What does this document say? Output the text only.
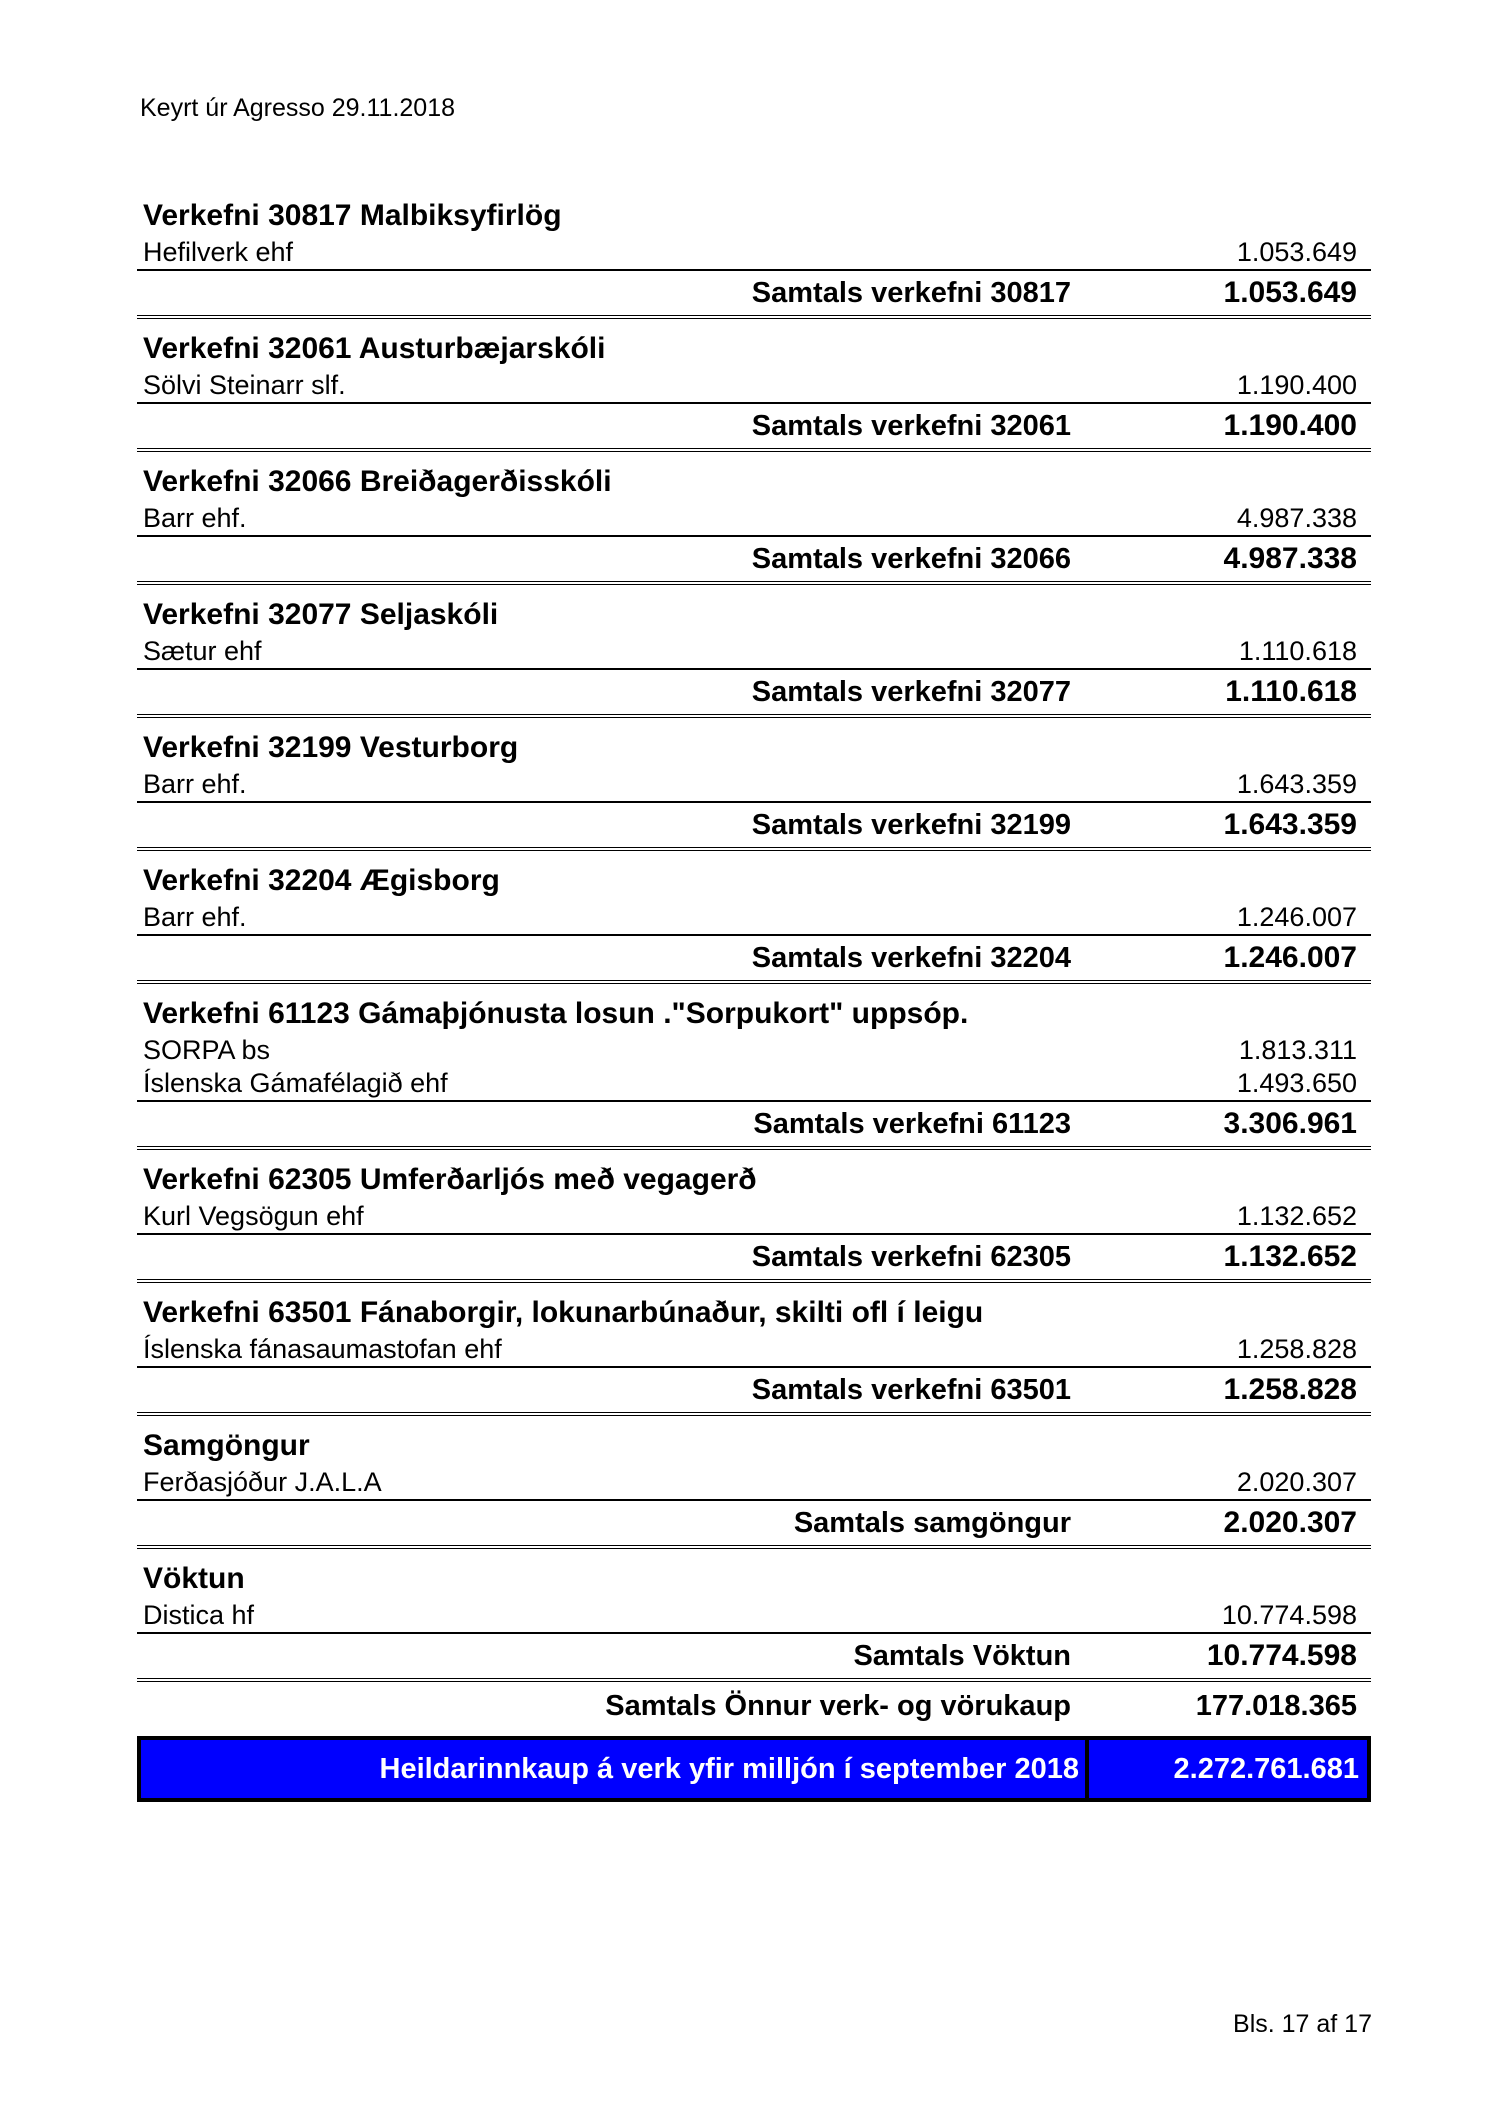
Keyrt úr Agresso 29.11.2018
Verkefni 30817 Malbiksyfirlög
Hefilverk ehf	1.053.649
Samtals verkefni 30817	1.053.649
Verkefni 32061 Austurbæjarskóli
Sölvi Steinarr slf.	1.190.400
Samtals verkefni 32061	1.190.400
Verkefni 32066 Breiðagerðisskóli
Barr ehf.	4.987.338
Samtals verkefni 32066	4.987.338
Verkefni 32077 Seljaskóli
Sætur ehf	1.110.618
Samtals verkefni 32077	1.110.618
Verkefni 32199 Vesturborg
Barr ehf.	1.643.359
Samtals verkefni 32199	1.643.359
Verkefni 32204 Ægisborg
Barr ehf.	1.246.007
Samtals verkefni 32204	1.246.007
Verkefni 61123 Gámaþjónusta losun ."Sorpukort" uppsóp.
SORPA bs	1.813.311
Íslenska Gámafélagið ehf	1.493.650
Samtals verkefni 61123	3.306.961
Verkefni 62305 Umferðarljós með vegagerð
Kurl Vegsögun ehf	1.132.652
Samtals verkefni 62305	1.132.652
Verkefni 63501 Fánaborgir, lokunarbúnaður, skilti ofl í leigu
Íslenska fánasaumastofan ehf	1.258.828
Samtals verkefni 63501	1.258.828
Samgöngur
Ferðasjóður J.A.L.A	2.020.307
Samtals samgöngur	2.020.307
Vöktun
Distica hf	10.774.598
Samtals Vöktun	10.774.598
Samtals Önnur verk- og vörukaup	177.018.365
Heildarinnkaup á verk yfir milljón í september 2018	2.272.761.681
Bls. 17 af 17
